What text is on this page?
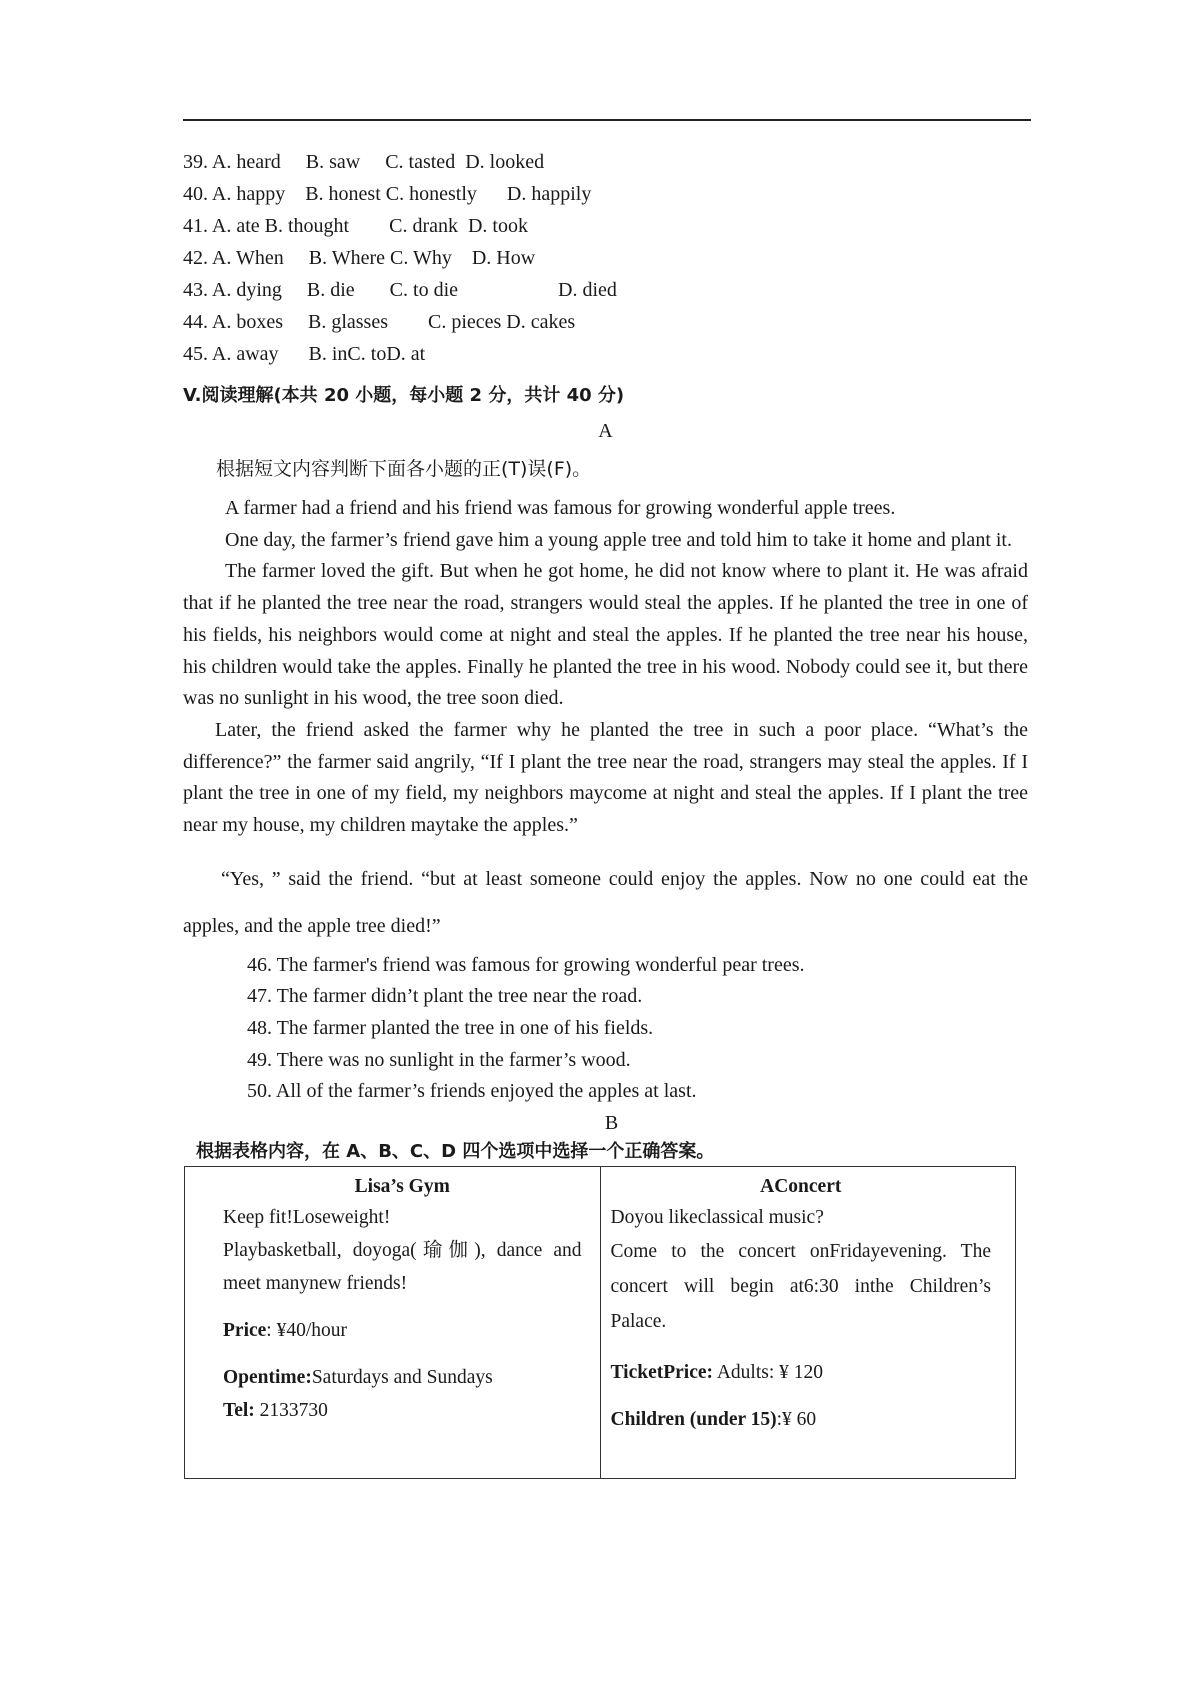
39. A. heard     B. saw     C. tasted  D. looked
40. A. happy    B. honest C. honestly      D. happily
41. A. ate B. thought        C. drank  D. took
42. A. When     B. Where C. Why    D. How
43. A. dying     B. die       C. to die                    D. died
44. A. boxes     B. glasses        C. pieces D. cakes
45. A. away      B. inC. toD. at
V.阅读理解(本共 20 小题，每小题 2 分，共计 40 分)
A
根据短文内容判断下面各小题的正(T)误(F)。

A farmer had a friend and his friend was famous for growing wonderful apple trees.

One day, the farmer’s friend gave him a young apple tree and told him to take it home and plant it.

The farmer loved the gift. But when he got home, he did not know where to plant it. He was afraid that if he planted the tree near the road, strangers would steal the apples. If he planted the tree in one of his fields, his neighbors would come at night and steal the apples. If he planted the tree near his house, his children would take the apples. Finally he planted the tree in his wood. Nobody could see it, but there was no sunlight in his wood, the tree soon died.

Later, the friend asked the farmer why he planted the tree in such a poor place. “What’s the difference?” the farmer said angrily, “If I plant the tree near the road, strangers may steal the apples. If I plant the tree in one of my field, my neighbors maycome at night and steal the apples. If I plant the tree near my house, my children maytake the apples.”

“Yes, ” said the friend. “but at least someone could enjoy the apples. Now no one could eat the apples, and the apple tree died!”

46. The farmer's friend was famous for growing wonderful pear trees.
47. The farmer didn’t plant the tree near the road.
48. The farmer planted the tree in one of his fields.
49. There was no sunlight in the farmer’s wood.
50. All of the farmer’s friends enjoyed the apples at last.
B
根据表格内容，在 A、B、C、D 四个选项中选择一个正确答案。
Lisa’s Gym
Keep fit!Loseweight!
Playbasketball, doyoga(瑜伽), dance and meet manynew friends!
Price: ¥40/hour
Opentime:Saturdays and Sundays
Tel: 2133730

AConcert
Doyou likeclassical music?
Come to the concert onFridayevening. The concert will begin at6:30 inthe Children’s Palace.
TicketPrice: Adults: ¥ 120
Children (under 15):¥ 60
